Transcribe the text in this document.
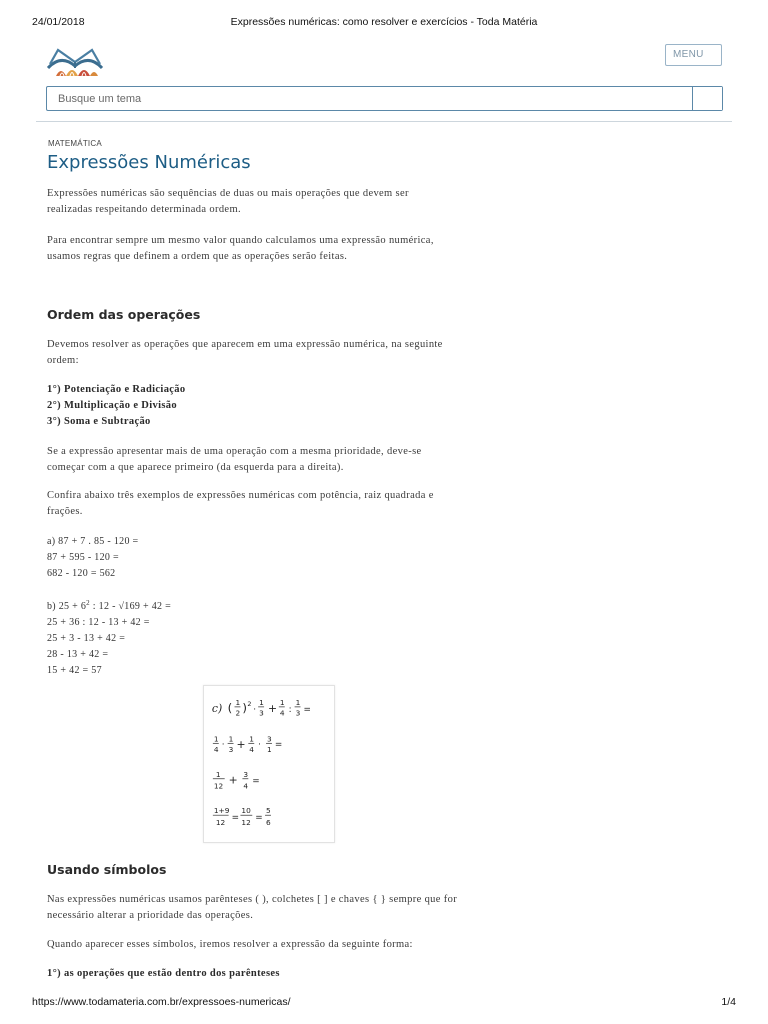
24/01/2018	Expressões numéricas: como resolver e exercícios - Toda Matéria
MENU
Busque um tema
MATEMÁTICA
Expressões Numéricas
Expressões numéricas são sequências de duas ou mais operações que devem ser
realizadas respeitando determinada ordem.
Para encontrar sempre um mesmo valor quando calculamos uma expressão numérica,
usamos regras que definem a ordem que as operações serão feitas.
Ordem das operações
Devemos resolver as operações que aparecem em uma expressão numérica, na seguinte
ordem:
1°) Potenciação e Radiciação
2°) Multiplicação e Divisão
3°) Soma e Subtração
Se a expressão apresentar mais de uma operação com a mesma prioridade, deve-se
começar com a que aparece primeiro (da esquerda para a direita).
Confira abaixo três exemplos de expressões numéricas com potência, raiz quadrada e
frações.
a) 87 + 7 . 85 - 120 =
87 + 595 - 120 =
682 - 120 = 562
b) $25 + 6^2$ : 12 - √169 + 42 =
25 + 36 : 12 - 13 + 42 =
25 + 3 - 13 + 42 =
28 - 13 + 42 =
15 + 42 = 57
c) ( 1
2 ) 2
·
1
3 + 1
4 :
1
3 =
1
4 ·
1
3 + 1
4 ·
3
1 =
1
12 + 3
4 =
1+9
12 =
10
12 =
5
6
Usando símbolos
Nas expressões numéricas usamos parênteses ( ), colchetes [ ] e chaves { } sempre que for
necessário alterar a prioridade das operações.
Quando aparecer esses símbolos, iremos resolver a expressão da seguinte forma:
1°) as operações que estão dentro dos parênteses
https://www.todamateria.com.br/expressoes-numericas/	1/4
